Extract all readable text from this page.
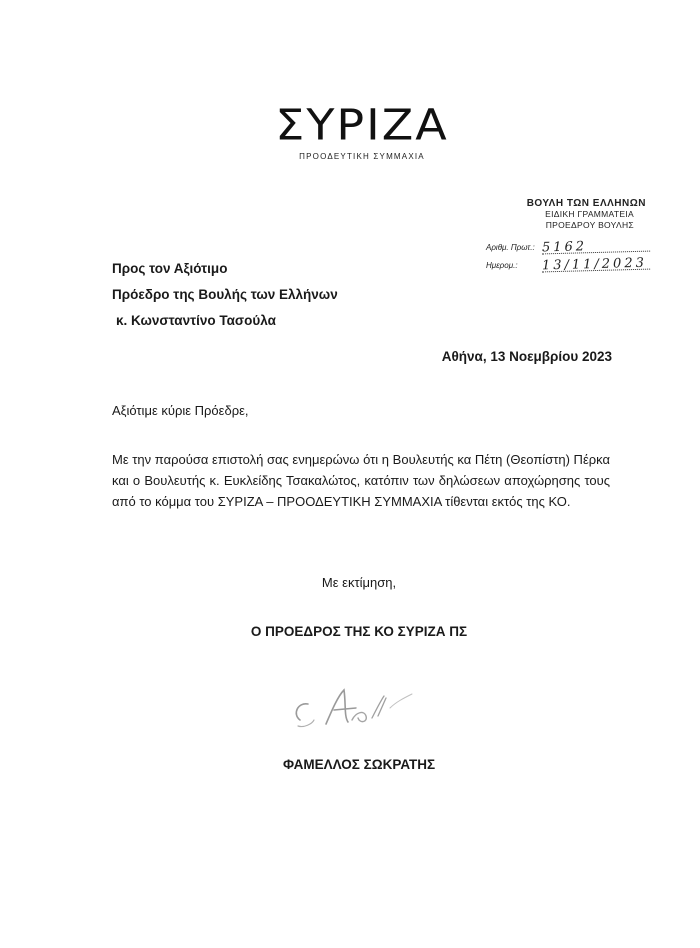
ΣΥΡΙΖΑ
ΠΡΟΟΔΕΥΤΙΚΗ ΣΥΜΜΑΧΙΑ
ΒΟΥΛΗ ΤΩΝ ΕΛΛΗΝΩΝ
ΕΙΔΙΚΗ ΓΡΑΜΜΑΤΕΙΑ
ΠΡΟΕΔΡΟΥ ΒΟΥΛΗΣ
Αριθμ. Πρωτ.: 5162
Ημερομ.: 13/11/2023
Προς τον Αξιότιμο
Πρόεδρο της Βουλής των Ελλήνων
κ. Κωνσταντίνο Τασούλα
Αθήνα, 13 Νοεμβρίου 2023
Αξιότιμε κύριε Πρόεδρε,
Με την παρούσα επιστολή σας ενημερώνω ότι η Βουλευτής κα Πέτη (Θεοπίστη) Πέρκα και ο Βουλευτής κ. Ευκλείδης Τσακαλώτος, κατόπιν των δηλώσεων αποχώρησης τους από το κόμμα του ΣΥΡΙΖΑ – ΠΡΟΟΔΕΥΤΙΚΗ ΣΥΜΜΑΧΙΑ τίθενται εκτός της ΚΟ.
Με εκτίμηση,
Ο ΠΡΟΕΔΡΟΣ ΤΗΣ ΚΟ ΣΥΡΙΖΑ ΠΣ
ΦΑΜΕΛΛΟΣ ΣΩΚΡΑΤΗΣ
